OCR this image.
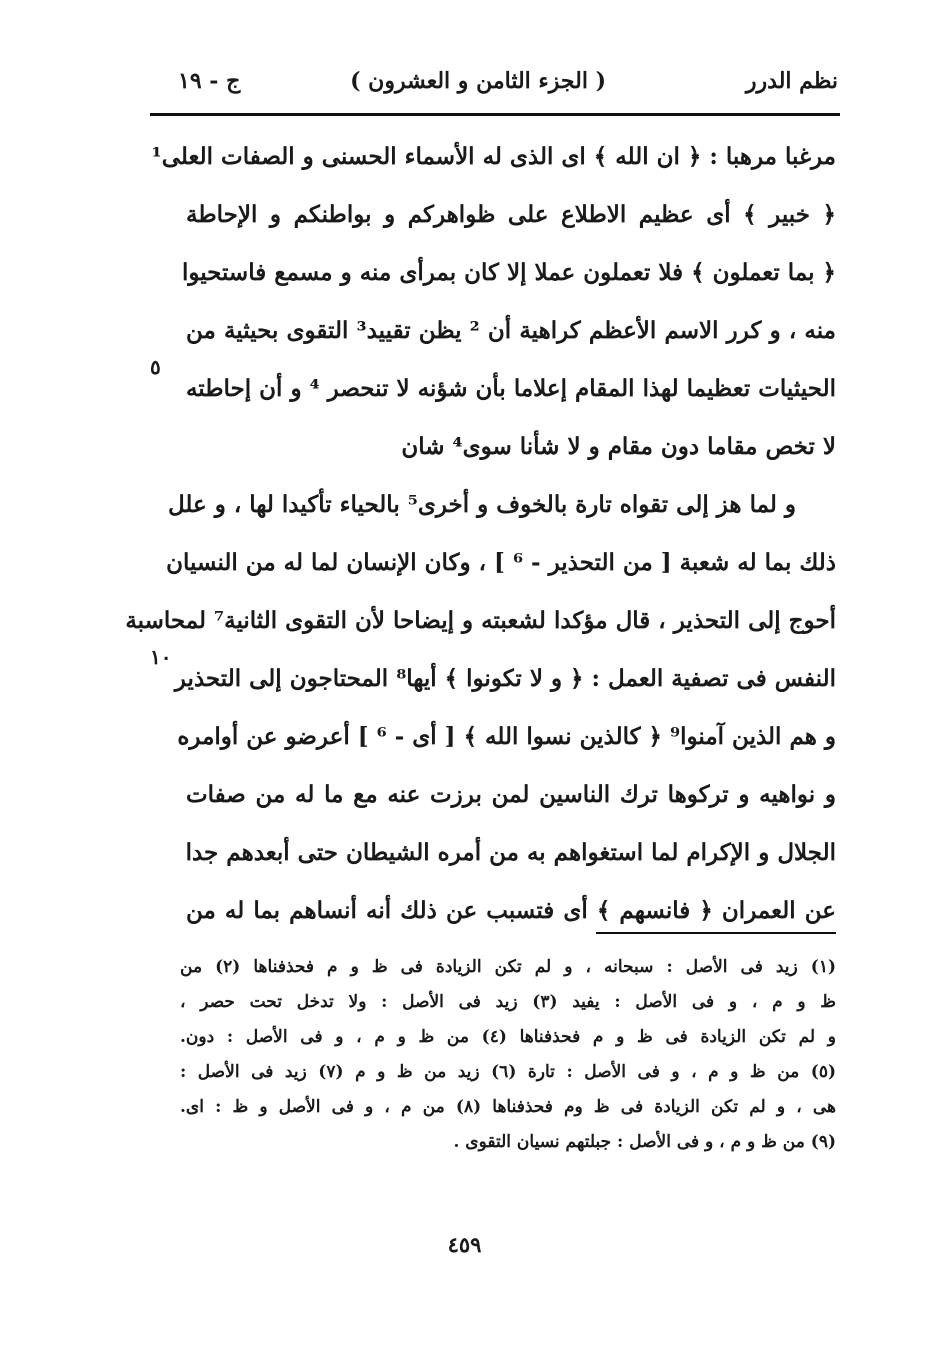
نظم الدرر
( الجزء الثامن و العشرون )
ج - ١٩
مرغبا مرهبا : ﴿ ان الله ﴾ اى الذى له الأسماء الحسنى و الصفات العلى¹
﴿ خبير ﴾ أى عظيم الاطلاع على ظواهركم و بواطنكم و الإحاطة
﴿ بما تعملون ﴾ فلا تعملون عملا إلا كان بمرأى منه و مسمع فاستحيوا
منه ، و كرر الاسم الأعظم كراهية أن ² يظن تقييد³ التقوى بحيثية من
الحيثيات تعظيما لهذا المقام إعلاما بأن شؤنه لا تنحصر ⁴ و أن إحاطته
لا تخص مقاما دون مقام و لا شأنا سوى⁴ شان
و لما هز إلى تقواه تارة بالخوف و أخرى⁵ بالحياء تأكيدا لها ، و علل
ذلك بما له شعبة [ من التحذير - ⁶ ] ، وكان الإنسان لما له من النسيان
أحوج إلى التحذير ، قال مؤكدا لشعبته و إيضاحا لأن التقوى الثانية⁷ لمحاسبة
النفس فى تصفية العمل : ﴿ و لا تكونوا ﴾ أيها⁸ المحتاجون إلى التحذير
و هم الذين آمنوا⁹ ﴿ كالذين نسوا الله ﴾ [ أى - ⁶ ] أعرضو عن أوامره
و نواهيه و تركوها ترك الناسين لمن برزت عنه مع ما له من صفات
الجلال و الإكرام لما استغواهم به من أمره الشيطان حتى أبعدهم جدا
عن العمران ﴿ فانسهم ﴾ أى فتسبب عن ذلك أنه أنساهم بما له من
٥
١٠
(١) زيد فى الأصل : سبحانه ، و لم تكن الزيادة فى ظ و م فحذفناها (٢) من
ظ و م ، و فى الأصل : يفيد (٣) زيد فى الأصل : ولا تدخل تحت حصر ،
و لم تكن الزيادة فى ظ و م فحذفناها (٤) من ظ و م ، و فى الأصل : دون.
(٥) من ظ و م ، و فى الأصل : تارة (٦) زيد من ظ و م (٧) زيد فى الأصل :
هى ، و لم تكن الزيادة فى ظ وم فحذفناها (٨) من م ، و فى الأصل و ظ : اى.
(٩) من ظ و م ، و فى الأصل : جبلتهم نسيان التقوى .
٤٥٩
